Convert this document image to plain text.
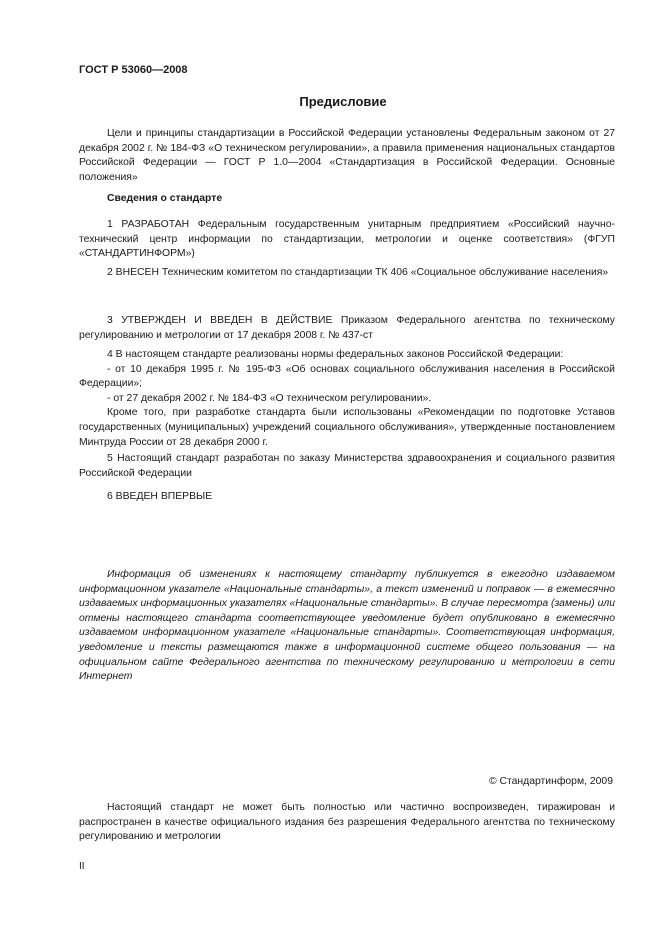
ГОСТ Р 53060—2008
Предисловие
Цели и принципы стандартизации в Российской Федерации установлены Федеральным законом от 27 декабря 2002 г. № 184-ФЗ «О техническом регулировании», а правила применения национальных стандартов Российской Федерации — ГОСТ Р 1.0—2004 «Стандартизация в Российской Федерации. Основные положения»
Сведения о стандарте
1 РАЗРАБОТАН Федеральным государственным унитарным предприятием «Российский научно-технический центр информации по стандартизации, метрологии и оценке соответствия» (ФГУП «СТАНДАРТИНФОРМ»)
2 ВНЕСЕН Техническим комитетом по стандартизации ТК 406 «Социальное обслуживание населения»
3 УТВЕРЖДЕН И ВВЕДЕН В ДЕЙСТВИЕ Приказом Федерального агентства по техническому регулированию и метрологии от 17 декабря 2008 г. № 437-ст
4 В настоящем стандарте реализованы нормы федеральных законов Российской Федерации:
- от 10 декабря 1995 г. № 195-ФЗ «Об основах социального обслуживания населения в Российской Федерации»;
- от 27 декабря 2002 г. № 184-ФЗ «О техническом регулировании».
Кроме того, при разработке стандарта были использованы «Рекомендации по подготовке Уставов государственных (муниципальных) учреждений социального обслуживания», утвержденные постановлением Минтруда России от 28 декабря 2000 г.
5 Настоящий стандарт разработан по заказу Министерства здравоохранения и социального развития Российской Федерации
6 ВВЕДЕН ВПЕРВЫЕ
Информация об изменениях к настоящему стандарту публикуется в ежегодно издаваемом информационном указателе «Национальные стандарты», а текст изменений и поправок — в ежемесячно издаваемых информационных указателях «Национальные стандарты». В случае пересмотра (замены) или отмены настоящего стандарта соответствующее уведомление будет опубликовано в ежемесячно издаваемом информационном указателе «Национальные стандарты». Соответствующая информация, уведомление и тексты размещаются также в информационной системе общего пользования — на официальном сайте Федерального агентства по техническому регулированию и метрологии в сети Интернет
© Стандартинформ, 2009
Настоящий стандарт не может быть полностью или частично воспроизведен, тиражирован и распространен в качестве официального издания без разрешения Федерального агентства по техническому регулированию и метрологии
II
